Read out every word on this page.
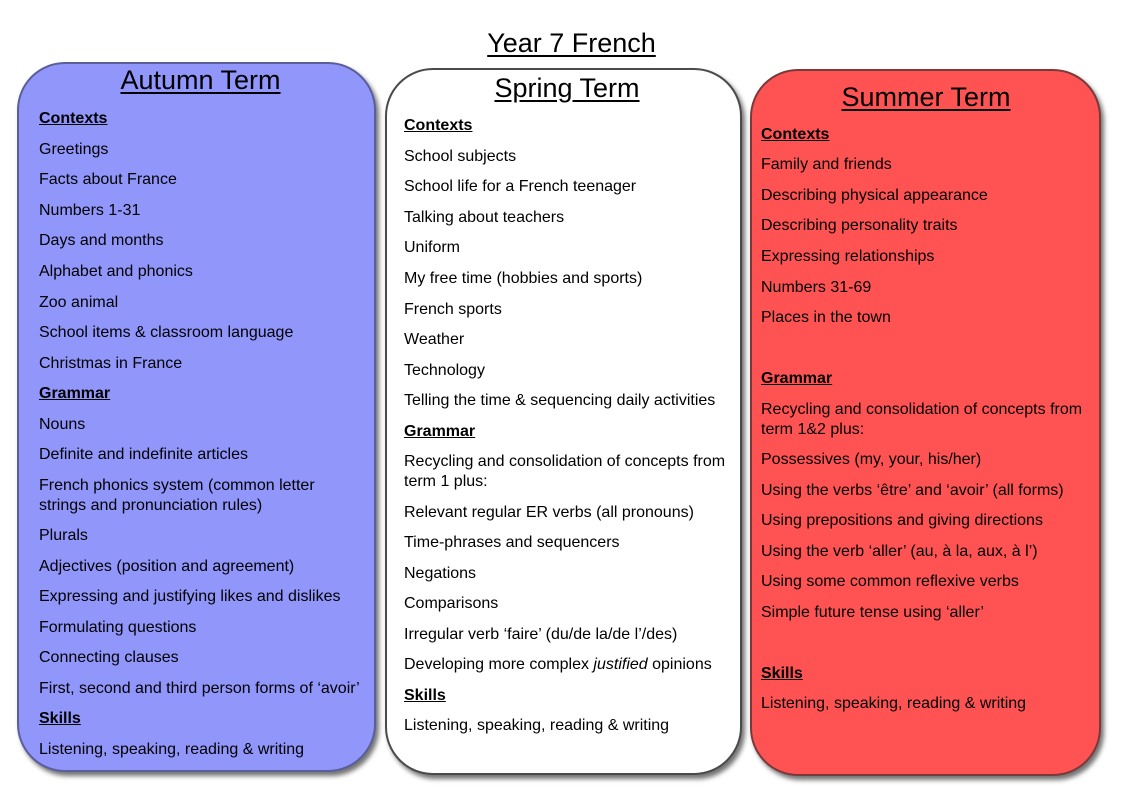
Year 7 French
Autumn Term
Contexts
Greetings
Facts about France
Numbers 1-31
Days and months
Alphabet and phonics
Zoo animal
School items & classroom language
Christmas in France
Grammar
Nouns
Definite and indefinite articles
French phonics system (common letter
strings and pronunciation rules)
Plurals
Adjectives (position and agreement)
Expressing and justifying likes and dislikes
Formulating questions
Connecting clauses
First, second and third person forms of ‘avoir’
Skills
Listening, speaking, reading & writing
Spring Term
Contexts
School subjects
School life for a French teenager
Talking about teachers
Uniform
My free time (hobbies and sports)
French sports
Weather
Technology
Telling the time & sequencing daily activities
Grammar
Recycling and consolidation of concepts from
term 1 plus:
Relevant regular ER verbs (all pronouns)
Time-phrases and sequencers
Negations
Comparisons
Irregular verb ‘faire’ (du/de la/de l’/des)
Developing more complex justified opinions
Skills
Listening, speaking, reading & writing
Summer Term
Contexts
Family and friends
Describing physical appearance
Describing personality traits
Expressing relationships
Numbers 31-69
Places in the town
Grammar
Recycling and consolidation of concepts from
term 1&2 plus:
Possessives (my, your, his/her)
Using the verbs ‘être’ and ‘avoir’ (all forms)
Using prepositions and giving directions
Using the verb ‘aller’ (au, à la, aux, à l’)
Using some common reflexive verbs
Simple future tense using ‘aller’
Skills
Listening, speaking, reading & writing
